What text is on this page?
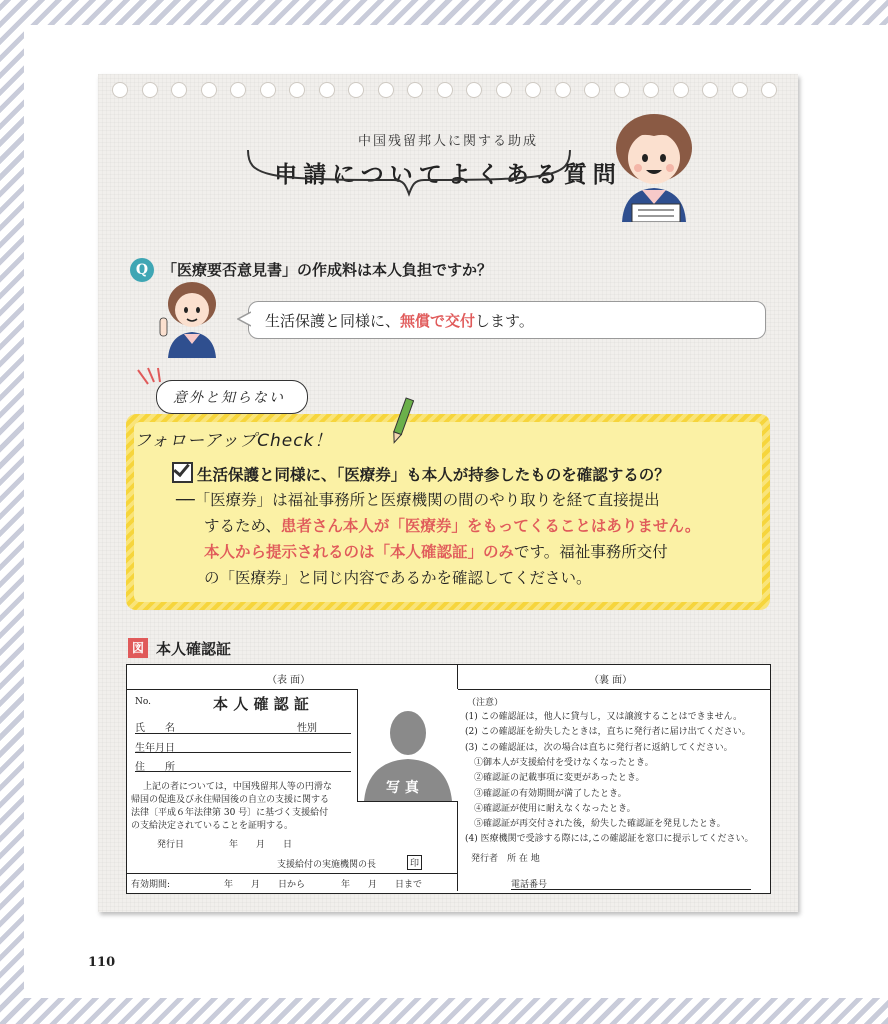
中国残留邦人に関する助成
申請についてよくある質問
Q 「医療要否意見書」の作成料は本人負担ですか？
生活保護と同様に、無償で交付します。
意外と知らない
フォローアップCheck！
生活保護と同様に、「医療券」も本人が持参したものを確認するの？
──「医療券」は福祉事務所と医療機関の間のやり取りを経て直接提出
するため、患者さん本人が「医療券」をもってくることはありません。
本人から提示されるのは「本人確認証」のみです。福祉事務所交付
の「医療券」と同じ内容であるかを確認してください。
図 本人確認証
（表 面）	（裏 面）
No.	本 人 確 認 証
氏　　名	性別
生年月日
住　　所
上記の者については，中国残留邦人等の円滑な
帰国の促進及び永住帰国後の自立の支援に関する
法律〔平成６年法律第 30 号〕に基づく支援給付
の支給決定されていることを証明する。
発行日　　　　　年　　月　　日
支援給付の実施機関の長	印
有効期間:　　　　　　年　　月　　日から　　　　年　　月　　日まで
写 真
（注意）
(1) この確認証は，他人に貸与し，又は譲渡することはできません。
(2) この確認証を紛失したときは，直ちに発行者に届け出てください。
(3) この確認証は，次の場合は直ちに発行者に返納してください。
　①御本人が支援給付を受けなくなったとき。
　②確認証の記載事項に変更があったとき。
　③確認証の有効期間が満了したとき。
　④確認証が使用に耐えなくなったとき。
　⑤確認証が再交付された後，紛失した確認証を発見したとき。
(4) 医療機関で受診する際には,この確認証を窓口に提示してください。
発行者　所 在 地
電話番号
110
